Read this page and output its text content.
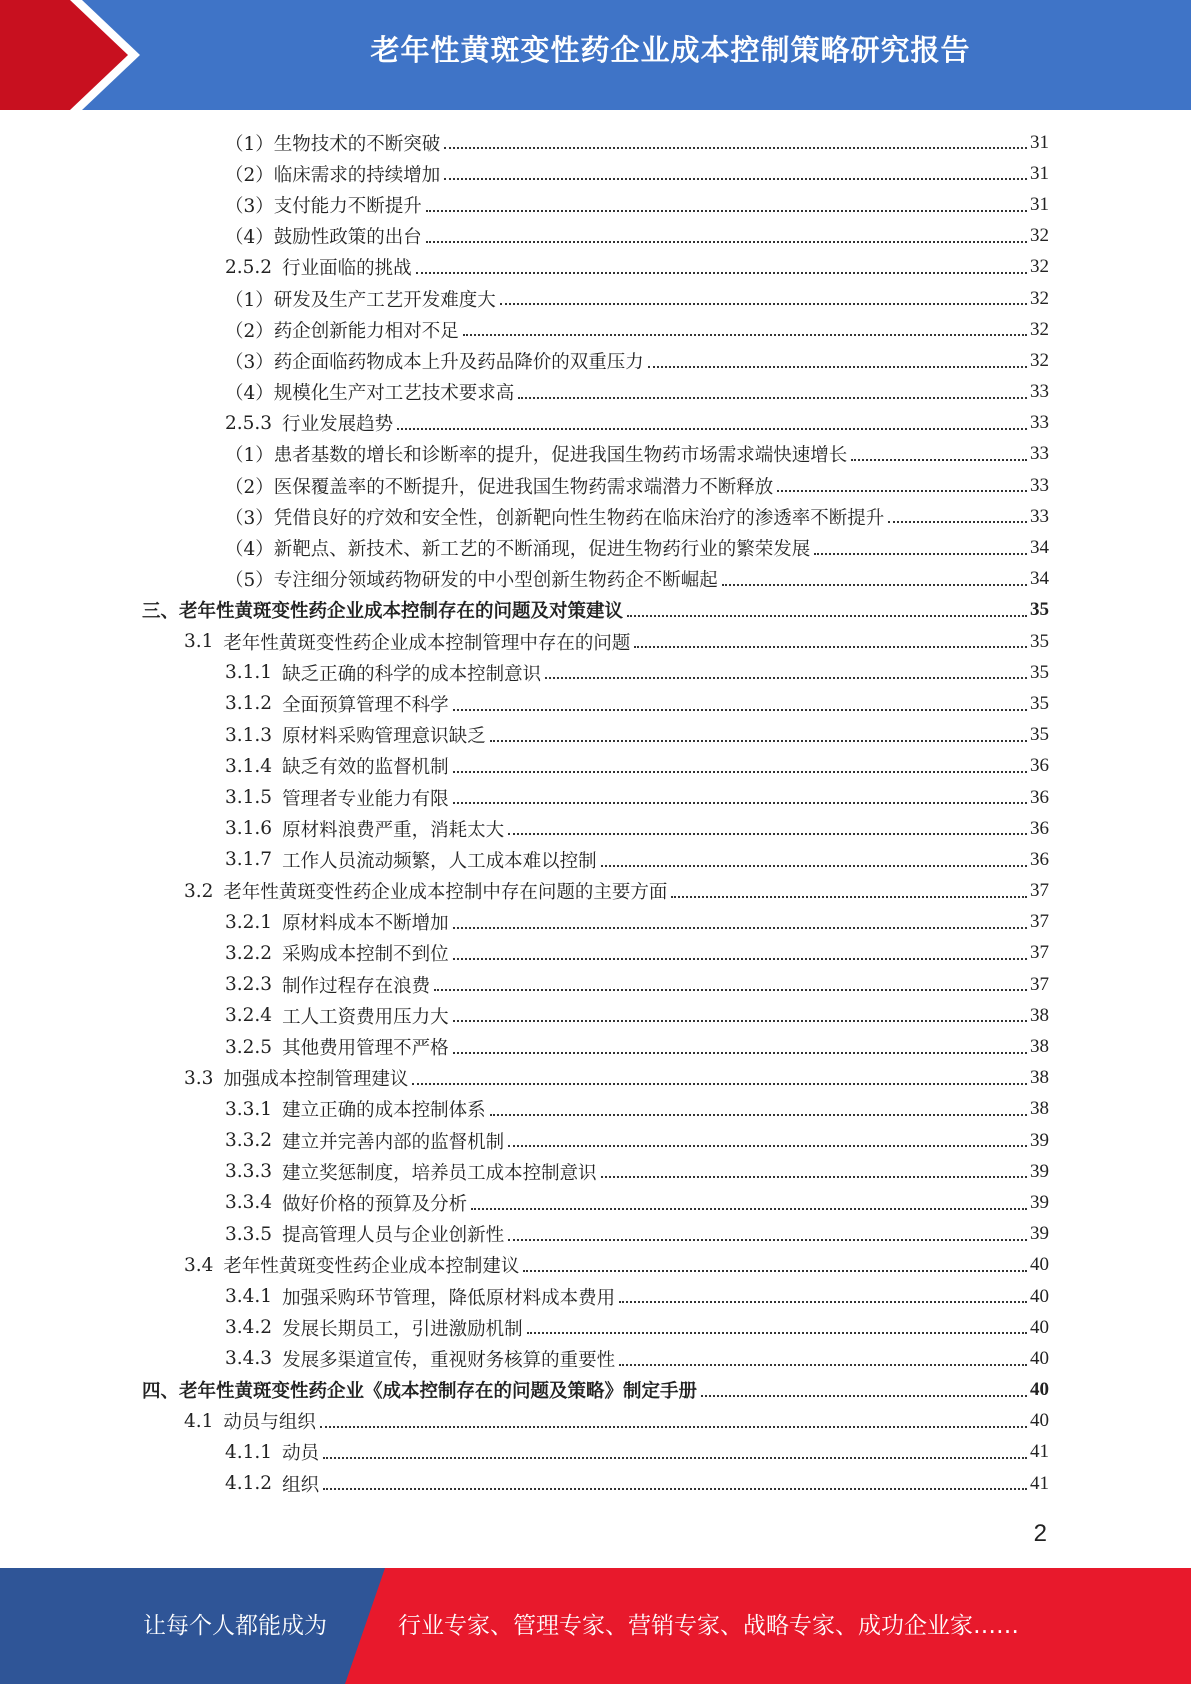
老年性黄斑变性药企业成本控制策略研究报告
（1）生物技术的不断突破	31
（2）临床需求的持续增加	31
（3）支付能力不断提升	31
（4）鼓励性政策的出台	32
2.5.2 行业面临的挑战	32
（1）研发及生产工艺开发难度大	32
（2）药企创新能力相对不足	32
（3）药企面临药物成本上升及药品降价的双重压力	32
（4）规模化生产对工艺技术要求高	33
2.5.3 行业发展趋势	33
（1）患者基数的增长和诊断率的提升，促进我国生物药市场需求端快速增长	33
（2）医保覆盖率的不断提升，促进我国生物药需求端潜力不断释放	33
（3）凭借良好的疗效和安全性，创新靶向性生物药在临床治疗的渗透率不断提升	33
（4）新靶点、新技术、新工艺的不断涌现，促进生物药行业的繁荣发展	34
（5）专注细分领域药物研发的中小型创新生物药企不断崛起	34
三、老年性黄斑变性药企业成本控制存在的问题及对策建议	35
3.1 老年性黄斑变性药企业成本控制管理中存在的问题	35
3.1.1 缺乏正确的科学的成本控制意识	35
3.1.2 全面预算管理不科学	35
3.1.3 原材料采购管理意识缺乏	35
3.1.4 缺乏有效的监督机制	36
3.1.5 管理者专业能力有限	36
3.1.6 原材料浪费严重，消耗太大	36
3.1.7 工作人员流动频繁，人工成本难以控制	36
3.2 老年性黄斑变性药企业成本控制中存在问题的主要方面	37
3.2.1 原材料成本不断增加	37
3.2.2 采购成本控制不到位	37
3.2.3 制作过程存在浪费	37
3.2.4 工人工资费用压力大	38
3.2.5 其他费用管理不严格	38
3.3 加强成本控制管理建议	38
3.3.1 建立正确的成本控制体系	38
3.3.2 建立并完善内部的监督机制	39
3.3.3 建立奖惩制度，培养员工成本控制意识	39
3.3.4 做好价格的预算及分析	39
3.3.5 提高管理人员与企业创新性	39
3.4 老年性黄斑变性药企业成本控制建议	40
3.4.1 加强采购环节管理，降低原材料成本费用	40
3.4.2 发展长期员工，引进激励机制	40
3.4.3 发展多渠道宣传，重视财务核算的重要性	40
四、老年性黄斑变性药企业《成本控制存在的问题及策略》制定手册	40
4.1 动员与组织	40
4.1.1 动员	41
4.1.2 组织	41
2
让每个人都能成为	行业专家、管理专家、营销专家、战略专家、成功企业家……
